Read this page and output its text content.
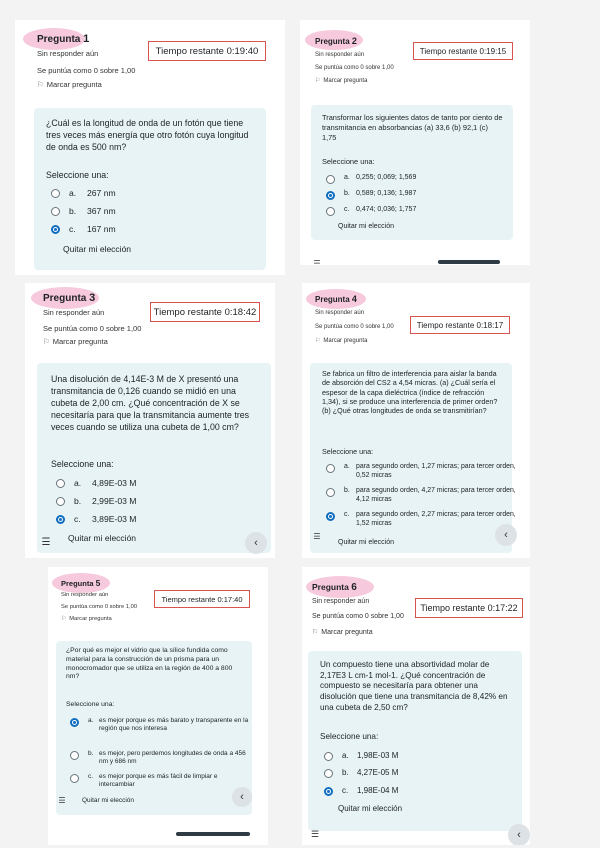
Pregunta 1
Sin responder aún	Tiempo restante 0:19:40
Se puntúa como 0 sobre 1,00
⚐ Marcar pregunta
¿Cuál es la longitud de onda de un fotón que tiene tres veces más energía que otro fotón cuya longitud de onda es 500 nm?
Seleccione una:
a.	267 nm
b.	367 nm
c.	167 nm
Quitar mi elección
Pregunta 2
Sin responder aún	Tiempo restante 0:19:15
Se puntúa como 0 sobre 1,00
⚐ Marcar pregunta
Transformar los siguientes datos de tanto por ciento de transmitancia en absorbancias (a) 33,6 (b) 92,1 (c) 1,75
Seleccione una:
a. 0,255; 0,069; 1,569
b. 0,589; 0,136; 1,987
c. 0,474; 0,036; 1,757
Quitar mi elección
☰
Pregunta 3
Sin responder aún	Tiempo restante 0:18:42
Se puntúa como 0 sobre 1,00
⚐ Marcar pregunta
Una disolución de 4,14E-3 M de X presentó una transmitancia de 0,126 cuando se midió en una cubeta de 2,00 cm. ¿Qué concentración de X se necesitaría para que la transmitancia aumente tres veces cuando se utiliza una cubeta de 1,00 cm?
Seleccione una:
a.	4,89E-03 M
b.	2,99E-03 M
c.	3,89E-03 M
☰	Quitar mi elección	‹
Pregunta 4
Sin responder aún
Se puntúa como 0 sobre 1,00	Tiempo restante 0:18:17
⚐ Marcar pregunta
Se fabrica un filtro de interferencia para aislar la banda de absorción del CS2 a 4,54 micras. (a) ¿Cuál sería el espesor de la capa dieléctrica (índice de refracción 1,34), si se produce una interferencia de primer orden? (b) ¿Qué otras longitudes de onda se transmitirían?
Seleccione una:
a. para segundo orden, 1,27 micras; para tercer orden, 0,52 micras
b. para segundo orden, 4,27 micras; para tercer orden, 4,12 micras
c. para segundo orden, 2,27 micras; para tercer orden, 1,52 micras
☰
Quitar mi elección
‹
Pregunta 5
Sin responder aún
Se puntúa como 0 sobre 1,00
Tiempo restante 0:17:40
⚐ Marcar pregunta
¿Por qué es mejor el vidrio que la sílice fundida como material para la construcción de un prisma para un monocromador que se utiliza en la región de 400 a 800 nm?
Seleccione una:
a. es mejor porque es más barato y transparente en la región que nos interesa
b. es mejor, pero perdemos longitudes de onda a 456 nm y 686 nm
c. es mejor porque es más fácil de limpiar e intercambiar
☰	Quitar mi elección	‹
Pregunta 6
Sin responder aún
Se puntúa como 0 sobre 1,00
Tiempo restante 0:17:22
⚐ Marcar pregunta
Un compuesto tiene una absortividad molar de 2,17E3 L cm-1 mol-1. ¿Qué concentración de compuesto se necesitaría para obtener una disolución que tiene una transmitancia de 8,42% en una cubeta de 2,50 cm?
Seleccione una:
a.	1,98E-03 M
b.	4,27E-05 M
c.	1,98E-04 M
Quitar mi elección
☰	‹
